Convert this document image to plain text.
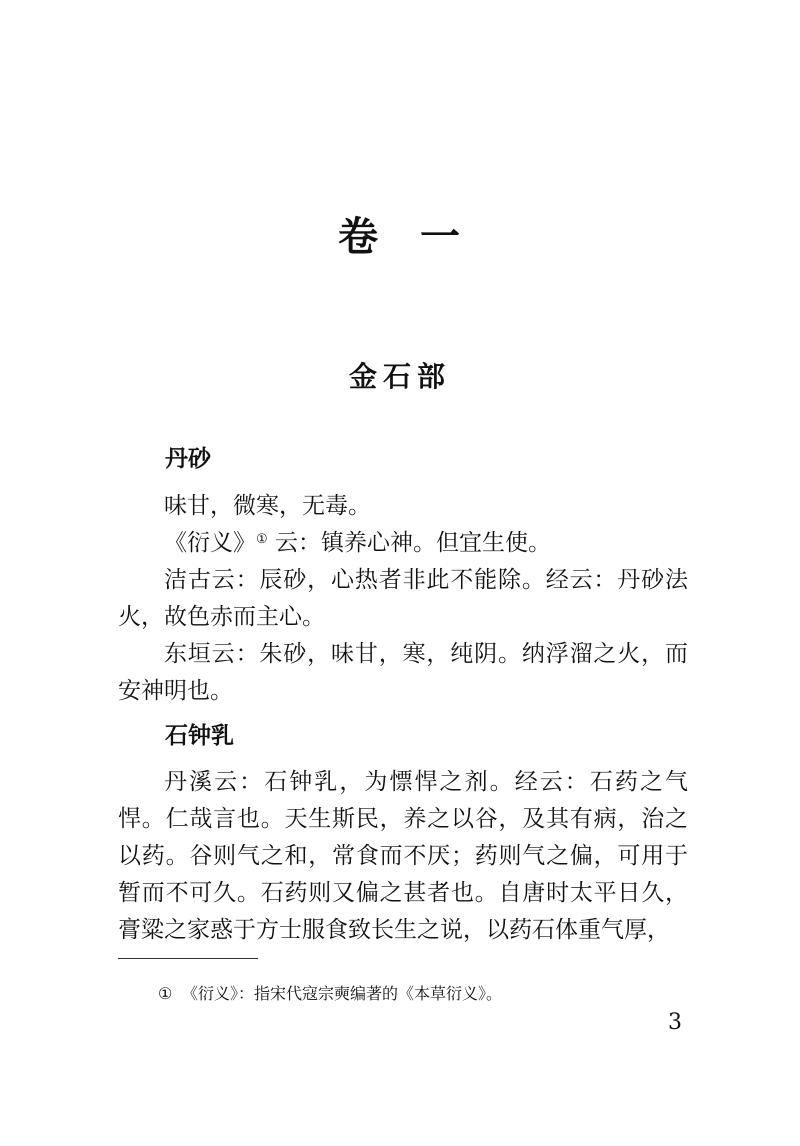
卷 一
金石部
丹砂

味甘，微寒，无毒。

《衍义》① 云：镇养心神。但宜生使。

洁古云：辰砂，心热者非此不能除。经云：丹砂法火，故色赤而主心。

东垣云：朱砂，味甘，寒，纯阴。纳浮溜之火，而安神明也。

石钟乳

丹溪云：石钟乳，为慓悍之剂。经云：石药之气悍。仁哉言也。天生斯民，养之以谷，及其有病，治之以药。谷则气之和，常食而不厌；药则气之偏，可用于暂而不可久。石药则又偏之甚者也。自唐时太平日久，膏粱之家惑于方士服食致长生之说，以药石体重气厚，

① 《衍义》：指宋代寇宗奭编著的《本草衍义》。
3
